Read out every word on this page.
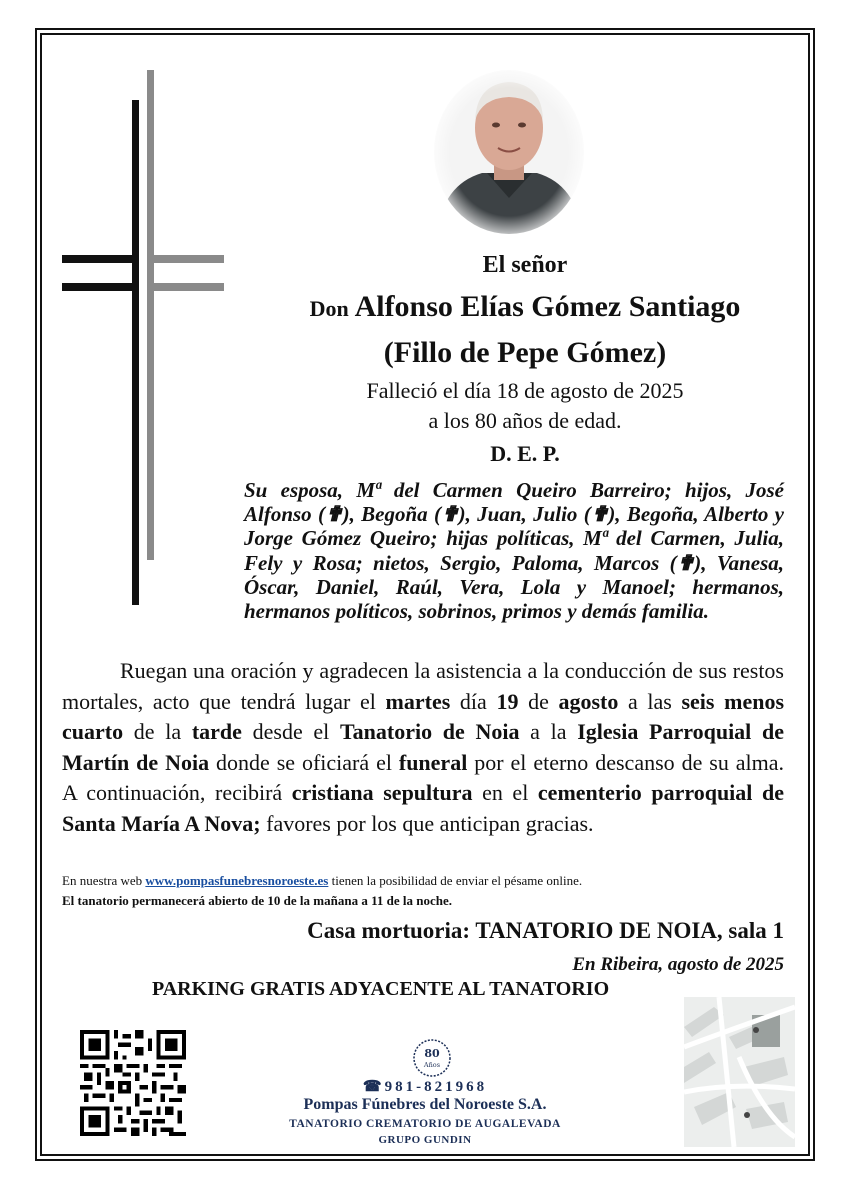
El señor
Don Alfonso Elías Gómez Santiago
(Fillo de Pepe Gómez)
Falleció el día 18 de agosto de 2025
a los 80 años de edad.
D. E. P.
Su esposa, Mª del Carmen Queiro Barreiro; hijos, José Alfonso (✟), Begoña (✟), Juan, Julio (✟), Begoña, Alberto y Jorge Gómez Queiro; hijas políticas, Mª del Carmen, Julia, Fely y Rosa; nietos, Sergio, Paloma, Marcos (✟), Vanesa, Óscar, Daniel, Raúl, Vera, Lola y Manoel; hermanos, hermanos políticos, sobrinos, primos y demás familia.
Ruegan una oración y agradecen la asistencia a la conducción de sus restos mortales, acto que tendrá lugar el martes día 19 de agosto a las seis menos cuarto de la tarde desde el Tanatorio de Noia a la Iglesia Parroquial de Martín de Noia donde se oficiará el funeral por el eterno descanso de su alma. A continuación, recibirá cristiana sepultura en el cementerio parroquial de Santa María A Nova; favores por los que anticipan gracias.
En nuestra web www.pompasfunebresnoroeste.es tienen la posibilidad de enviar el pésame online.
El tanatorio permanecerá abierto de 10 de la mañana a 11 de la noche.
Casa mortuoria: TANATORIO DE NOIA, sala 1
En Ribeira, agosto de 2025
PARKING GRATIS ADYACENTE AL TANATORIO
80
Años
☎981-821968
Pompas Fúnebres del Noroeste S.A.
TANATORIO CREMATORIO DE AUGALEVADA
GRUPO GUNDIN
